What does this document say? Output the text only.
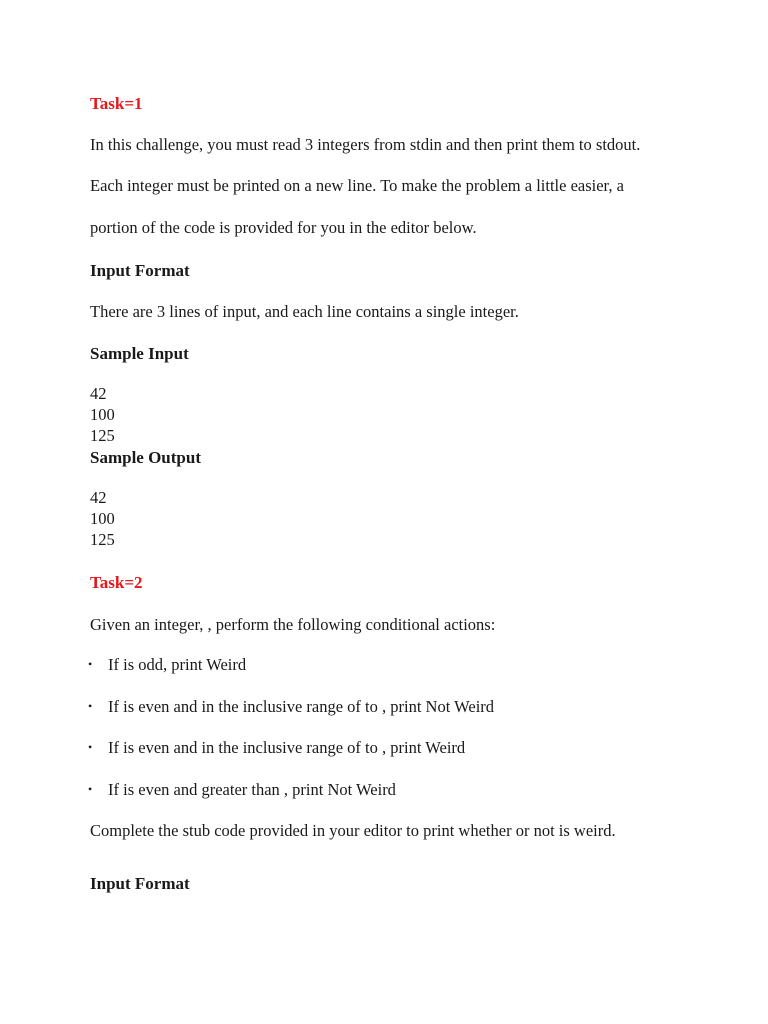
Task=1
In this challenge, you must read 3 integers from stdin and then print them to stdout.
Each integer must be printed on a new line. To make the problem a little easier, a
portion of the code is provided for you in the editor below.
Input Format
There are 3 lines of input, and each line contains a single integer.
Sample Input
42
100
125
Sample Output
42
100
125
Task=2
Given an integer, , perform the following conditional actions:
• If is odd, print Weird
• If is even and in the inclusive range of to , print Not Weird
• If is even and in the inclusive range of to , print Weird
• If is even and greater than , print Not Weird
Complete the stub code provided in your editor to print whether or not is weird.
Input Format
